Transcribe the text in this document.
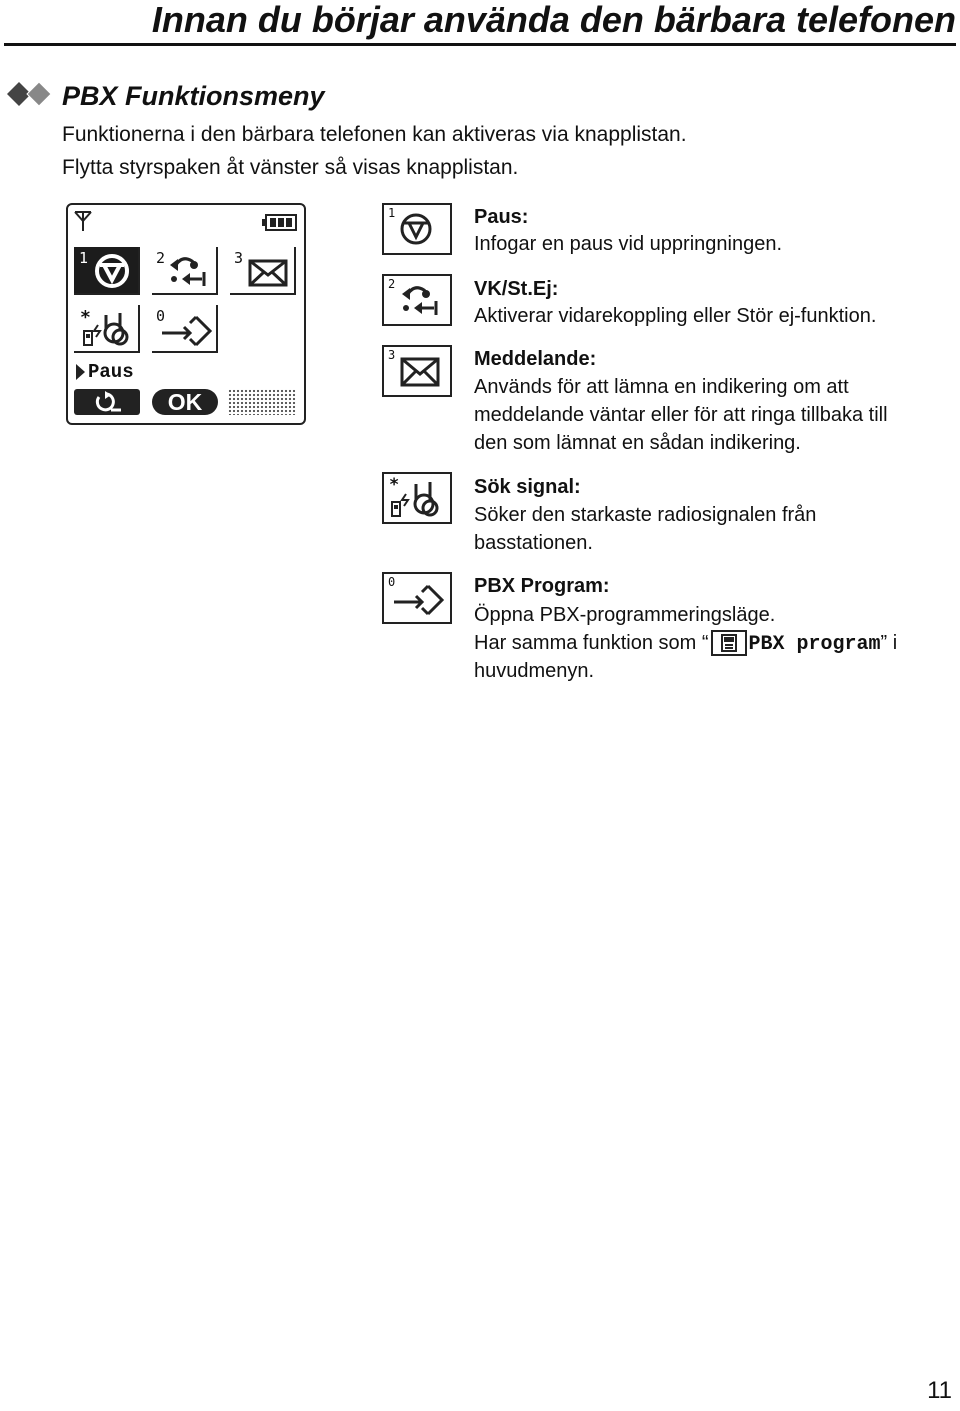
Innan du börjar använda den bärbara telefonen
PBX Funktionsmeny
Funktionerna i den bärbara telefonen kan aktiveras via knapplistan.
Flytta styrspaken åt vänster så visas knapplistan.
1	2	3
*	0
Paus
OK
1	Paus:
Infogar en paus vid uppringningen.
2	VK/St.Ej:
Aktiverar vidarekoppling eller Stör ej-funktion.
3	Meddelande:
Används för att lämna en indikering om att
meddelande väntar eller för att ringa tillbaka till
den som lämnat en sådan indikering.
*	Sök signal:
Söker den starkaste radiosignalen från
basstationen.
0	PBX Program:
Öppna PBX-programmeringsläge.
Har samma funktion som “ PBX program” i
huvudmenyn.
11
